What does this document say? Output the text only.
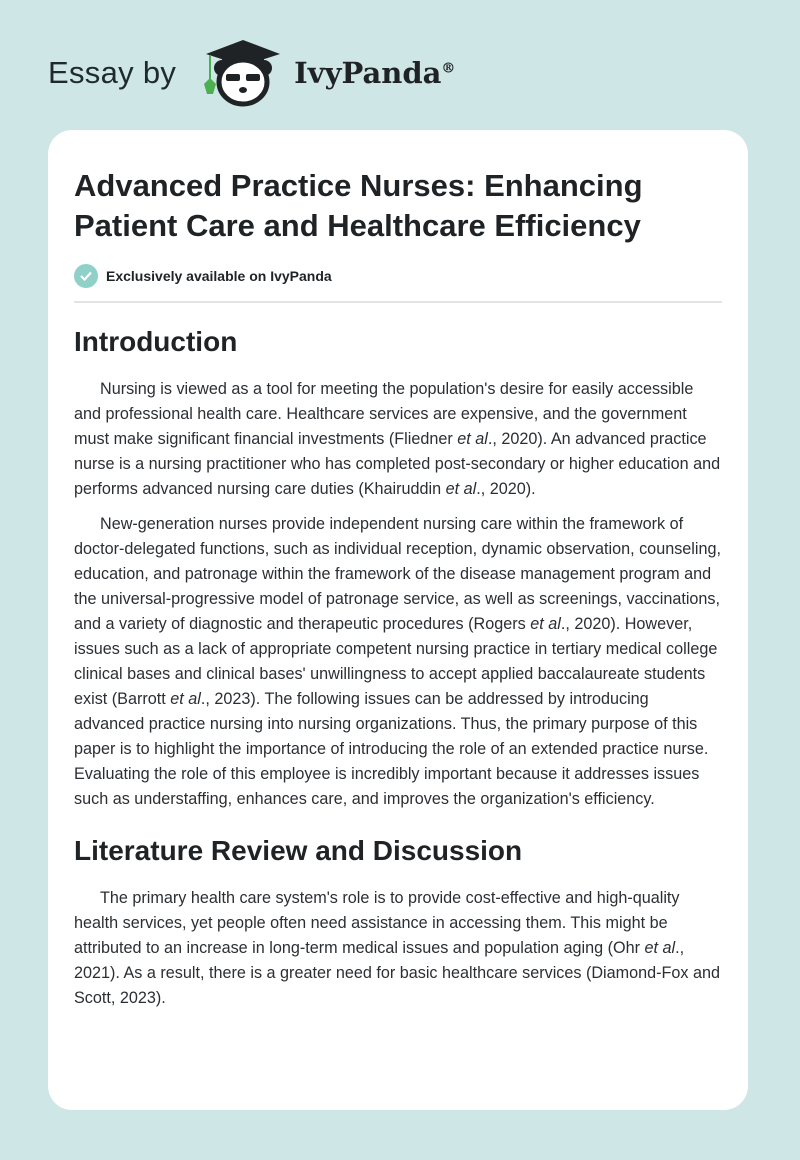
Essay by	IvyPanda®
Advanced Practice Nurses: Enhancing Patient Care and Healthcare Efficiency
Exclusively available on IvyPanda
Introduction

Nursing is viewed as a tool for meeting the population's desire for easily accessible and professional health care. Healthcare services are expensive, and the government must make significant financial investments (Fliedner et al., 2020). An advanced practice nurse is a nursing practitioner who has completed post-secondary or higher education and performs advanced nursing care duties (Khairuddin et al., 2020).

New-generation nurses provide independent nursing care within the framework of doctor-delegated functions, such as individual reception, dynamic observation, counseling, education, and patronage within the framework of the disease management program and the universal-progressive model of patronage service, as well as screenings, vaccinations, and a variety of diagnostic and therapeutic procedures (Rogers et al., 2020). However, issues such as a lack of appropriate competent nursing practice in tertiary medical college clinical bases and clinical bases' unwillingness to accept applied baccalaureate students exist (Barrott et al., 2023). The following issues can be addressed by introducing advanced practice nursing into nursing organizations. Thus, the primary purpose of this paper is to highlight the importance of introducing the role of an extended practice nurse. Evaluating the role of this employee is incredibly important because it addresses issues such as understaffing, enhances care, and improves the organization's efficiency.

Literature Review and Discussion

The primary health care system's role is to provide cost-effective and high-quality health services, yet people often need assistance in accessing them. This might be attributed to an increase in long-term medical issues and population aging (Ohr et al., 2021). As a result, there is a greater need for basic healthcare services (Diamond-Fox and Scott, 2023).
